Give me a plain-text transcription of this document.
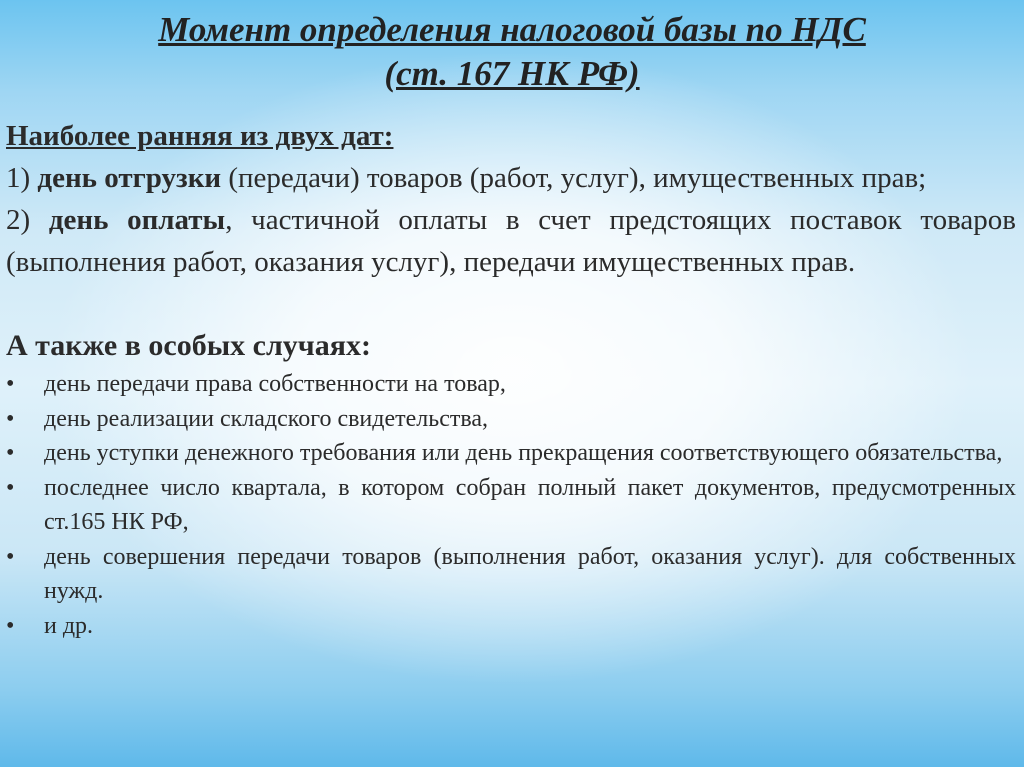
Момент определения налоговой базы по НДС
(ст. 167 НК РФ)

Наиболее ранняя из двух дат:

1) день отгрузки (передачи) товаров (работ, услуг), имущественных прав;

2) день оплаты, частичной оплаты в счет предстоящих поставок товаров (выполнения работ, оказания услуг), передачи имущественных прав.

А также в особых случаях:

•	день передачи права собственности на товар,
•	день реализации складского свидетельства,
•	день уступки денежного требования или день прекращения соответствующего обязательства,
•	последнее число квартала, в котором собран полный пакет документов, предусмотренных ст.165 НК РФ,
•	день совершения передачи товаров (выполнения работ, оказания услуг). для собственных нужд.
•	и др.
